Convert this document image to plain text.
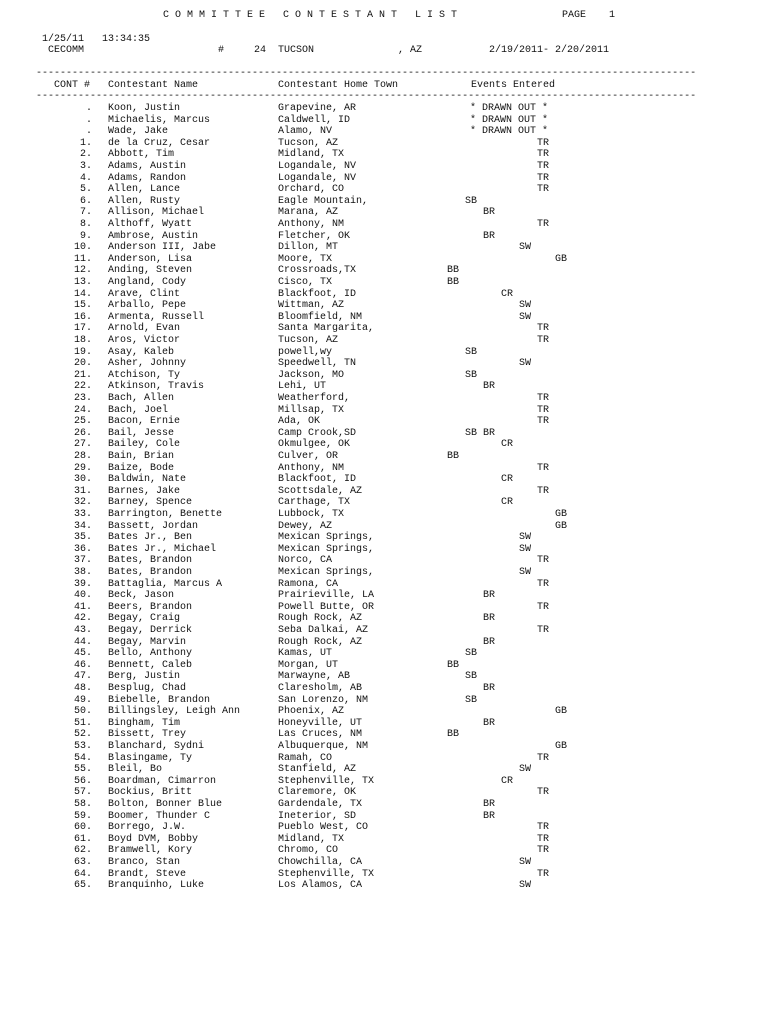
C O M M I T T E E   C O N T E S T A N T   L I S T	PAGE 1
1/25/11 13:34:35
CECOMM	#	24 TUCSON	, AZ	2/19/2011- 2/20/2011
--------------------------------------------------------------------------------------------------------------
CONT # Contestant Name	Contestant Home Town	Events Entered
--------------------------------------------------------------------------------------------------------------
. Koon, Justin	Grapevine, AR	* DRAWN OUT *
. Michaelis, Marcus	Caldwell, ID	* DRAWN OUT *
. Wade, Jake	Alamo, NV	* DRAWN OUT *
1. de la Cruz, Cesar	Tucson, AZ	TR
2. Abbott, Tim	Midland, TX	TR
3. Adams, Austin	Logandale, NV	TR
4. Adams, Randon	Logandale, NV	TR
5. Allen, Lance	Orchard, CO	TR
6. Allen, Rusty	Eagle Mountain,	SB
7. Allison, Michael	Marana, AZ	BR
8. Althoff, Wyatt	Anthony, NM	TR
9. Ambrose, Austin	Fletcher, OK	BR
10. Anderson III, Jabe	Dillon, MT	SW
11. Anderson, Lisa	Moore, TX	GB
12. Anding, Steven	Crossroads,TX	BB
13. Angland, Cody	Cisco, TX	BB
14. Arave, Clint	Blackfoot, ID	CR
15. Arballo, Pepe	Wittman, AZ	SW
16. Armenta, Russell	Bloomfield, NM	SW
17. Arnold, Evan	Santa Margarita,	TR
18. Aros, Victor	Tucson, AZ	TR
19. Asay, Kaleb	powell,wy	SB
20. Asher, Johnny	Speedwell, TN	SW
21. Atchison, Ty	Jackson, MO	SB
22. Atkinson, Travis	Lehi, UT	BR
23. Bach, Allen	Weatherford,	TR
24. Bach, Joel	Millsap, TX	TR
25. Bacon, Ernie	Ada, OK	TR
26. Bail, Jesse	Camp Crook,SD	SB BR
27. Bailey, Cole	Okmulgee, OK	CR
28. Bain, Brian	Culver, OR	BB
29. Baize, Bode	Anthony, NM	TR
30. Baldwin, Nate	Blackfoot, ID	CR
31. Barnes, Jake	Scottsdale, AZ	TR
32. Barney, Spence	Carthage, TX	CR
33. Barrington, Benette	Lubbock, TX	GB
34. Bassett, Jordan	Dewey, AZ	GB
35. Bates Jr., Ben	Mexican Springs,	SW
36. Bates Jr., Michael	Mexican Springs,	SW
37. Bates, Brandon	Norco, CA	TR
38. Bates, Brandon	Mexican Springs,	SW
39. Battaglia, Marcus A	Ramona, CA	TR
40. Beck, Jason	Prairieville, LA	BR
41. Beers, Brandon	Powell Butte, OR	TR
42. Begay, Craig	Rough Rock, AZ	BR
43. Begay, Derrick	Seba Dalkai, AZ	TR
44. Begay, Marvin	Rough Rock, AZ	BR
45. Bello, Anthony	Kamas, UT	SB
46. Bennett, Caleb	Morgan, UT	BB
47. Berg, Justin	Marwayne, AB	SB
48. Besplug, Chad	Claresholm, AB	BR
49. Biebelle, Brandon	San Lorenzo, NM	SB
50. Billingsley, Leigh Ann	Phoenix, AZ	GB
51. Bingham, Tim	Honeyville, UT	BR
52. Bissett, Trey	Las Cruces, NM	BB
53. Blanchard, Sydni	Albuquerque, NM	GB
54. Blasingame, Ty	Ramah, CO	TR
55. Bleil, Bo	Stanfield, AZ	SW
56. Boardman, Cimarron	Stephenville, TX	CR
57. Bockius, Britt	Claremore, OK	TR
58. Bolton, Bonner Blue	Gardendale, TX	BR
59. Boomer, Thunder C	Ineterior, SD	BR
60. Borrego, J.W.	Pueblo West, CO	TR
61. Boyd DVM, Bobby	Midland, TX	TR
62. Bramwell, Kory	Chromo, CO	TR
63. Branco, Stan	Chowchilla, CA	SW
64. Brandt, Steve	Stephenville, TX	TR
65. Branquinho, Luke	Los Alamos, CA	SW
